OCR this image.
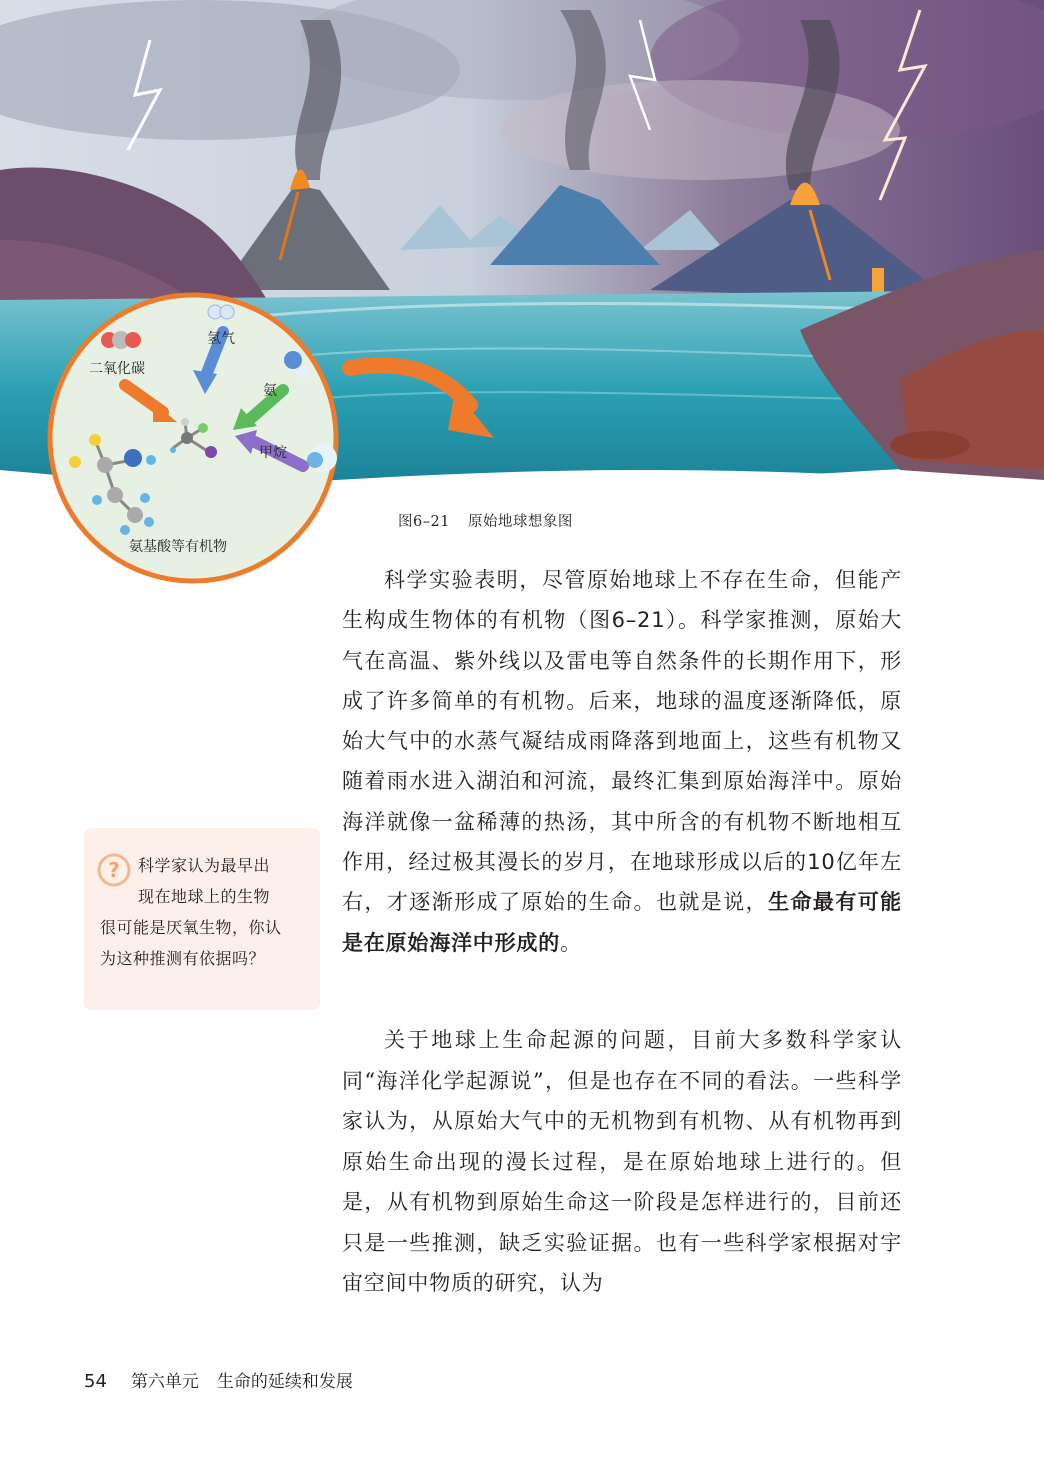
二氧化碳
氢气
氨
甲烷
氨基酸等有机物
图6–21 原始地球想象图

科学实验表明，尽管原始地球上不存在生命，但能产生构成生物体的有机物（图6–21）。科学家推测，原始大气在高温、紫外线以及雷电等自然条件的长期作用下，形成了许多简单的有机物。后来，地球的温度逐渐降低，原始大气中的水蒸气凝结成雨降落到地面上，这些有机物又随着雨水进入湖泊和河流，最终汇集到原始海洋中。原始海洋就像一盆稀薄的热汤，其中所含的有机物不断地相互作用，经过极其漫长的岁月，在地球形成以后的10亿年左右，才逐渐形成了原始的生命。也就是说，生命最有可能是在原始海洋中形成的。

关于地球上生命起源的问题，目前大多数科学家认同“海洋化学起源说”，但是也存在不同的看法。一些科学家认为，从原始大气中的无机物到有机物、从有机物再到原始生命出现的漫长过程，是在原始地球上进行的。但是，从有机物到原始生命这一阶段是怎样进行的，目前还只是一些推测，缺乏实验证据。也有一些科学家根据对宇宙空间中物质的研究，认为

?	科学家认为最早出
现在地球上的生物
很可能是厌氧生物，你认
为这种推测有依据吗？
54 第六单元 生命的延续和发展
